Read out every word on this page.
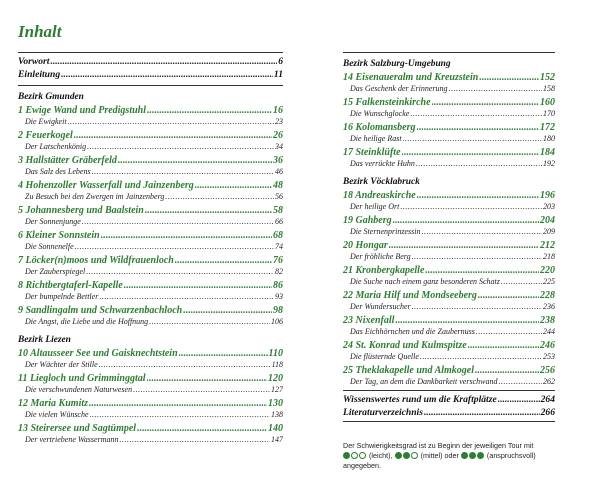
Inhalt
Vorwort .....	6
Einleitung .....	11
Bezirk Gmunden
1 Ewige Wand und Predigstuhl .....	16
Die Ewigkeit .....	23
2 Feuerkogel .....	26
Der Latschenkönig .....	34
3 Hallstätter Gräberfeld .....	36
Das Salz des Lebens .....	46
4 Hohenzoller Wasserfall und Jainzenberg .....	48
Zu Besuch bei den Zwergen im Jainzenberg .....	56
5 Johannesberg und Baalstein .....	58
Der Sonnenjunge .....	66
6 Kleiner Sonnstein .....	68
Die Sonnenelfe .....	74
7 Löcker(n)moos und Wildfrauenloch .....	76
Der Zauberspiegel .....	82
8 Richtbergtaferl-Kapelle .....	86
Der bumpelnde Bettler .....	93
9 Sandlingalm und Schwarzenbachloch .....	98
Die Angst, die Liebe und die Hoffnung .....	106
Bezirk Liezen
10 Altausseer See und Gaisknechtstein .....	110
Der Wächter der Stille .....	118
11 Liegloch und Grimminggtal .....	120
Die verschwundenen Naturwesen .....	127
12 Maria Kumitz .....	130
Die vielen Wünsche .....	138
13 Steirersee und Sagtümpel .....	140
Der vertriebene Wassermann .....	147
Bezirk Salzburg-Umgebung
14 Eisenaueralm und Kreuzstein .....	152
Das Geschenk der Erinnerung .....	158
15 Falkensteinkirche .....	160
Die Wunschglocke .....	170
16 Kolomansberg .....	172
Die heilige Rast .....	180
17 Steinklüfte .....	184
Das verrückte Huhn .....	192
Bezirk Vöcklabruck
18 Andreaskirche .....	196
Der heilige Ort .....	203
19 Gahberg .....	204
Die Sternenprinzessin .....	209
20 Hongar .....	212
Der fröhliche Berg .....	218
21 Kronbergkapelle .....	220
Die Suche nach einem ganz besonderen Schatz .....	225
22 Maria Hilf und Mondseeberg .....	228
Der Wundersucher .....	236
23 Nixenfall .....	238
Das Eichhörnchen und die Zaubernuss .....	244
24 St. Konrad und Kulmspitze .....	246
Die flüsternde Quelle .....	253
25 Theklakapelle und Almkogel .....	256
Der Tag, an dem die Dankbarkeit verschwand .....	262
Wissenswertes rund um die Kraftplätze .....	264
Literaturverzeichnis .....	266
Der Schwierigkeitsgrad ist zu Beginn der jeweiligen Tour mit
(leicht),	(mittel) oder	(anspruchsvoll) angegeben.
